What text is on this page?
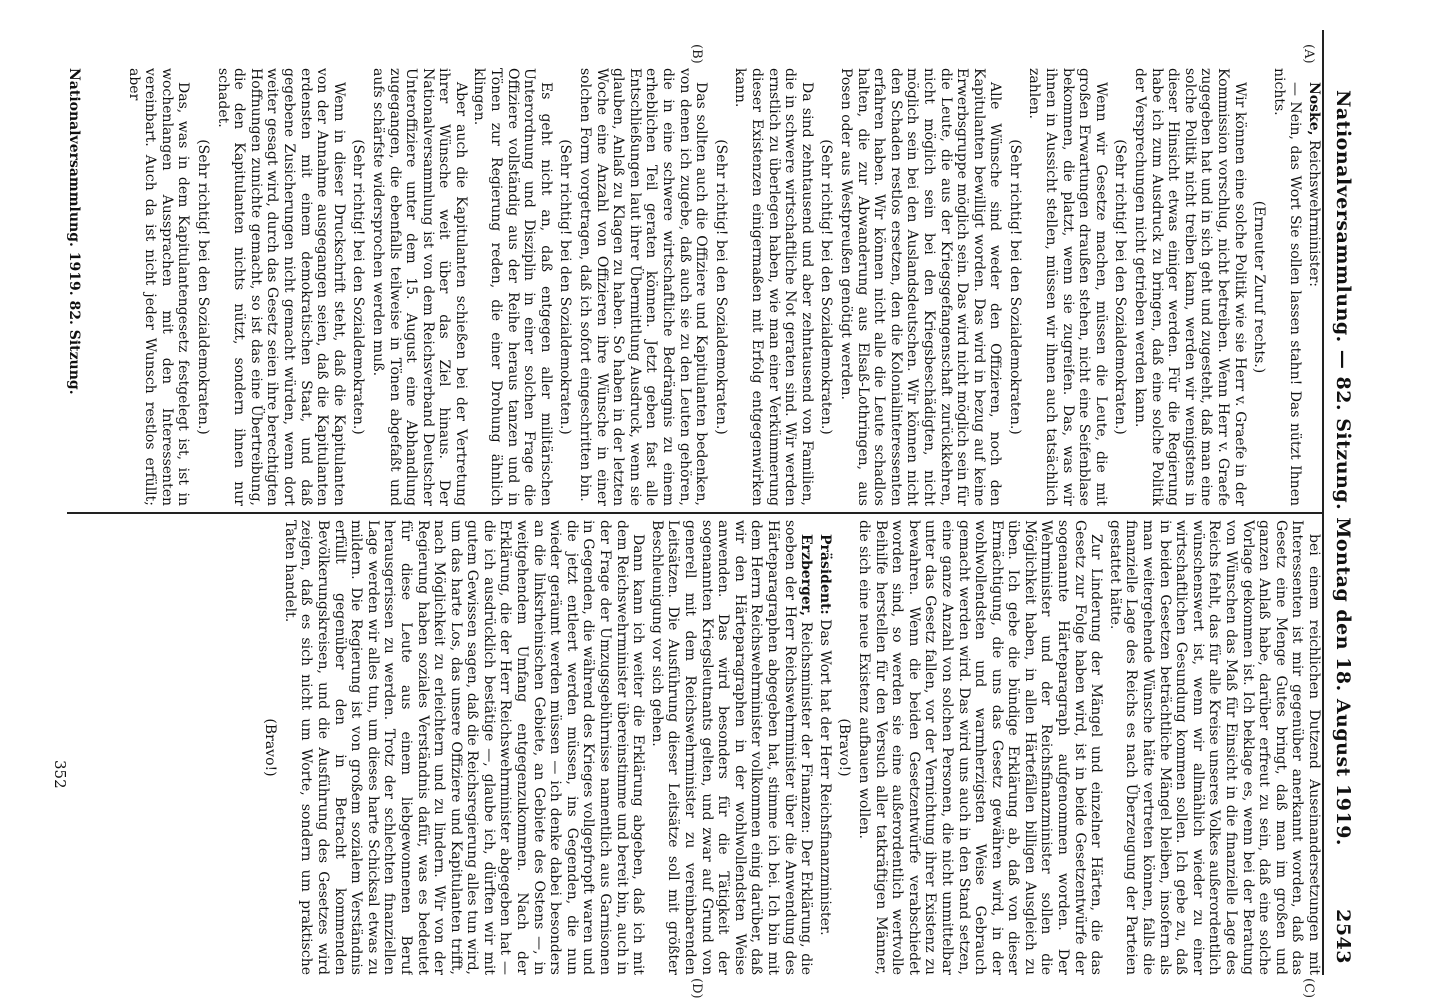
Nationalversammlung. — 82. Sitzung. Montag den 18. August 1919.
2543
(A)
(B)
(C)
(D)

Noske, Reichswehrminister:

— Nein, das Wort Sie sollen lassen stahn! Das nützt Ihnen nichts.

(Erneuter Zuruf rechts.)

Wir können eine solche Politik wie sie Herr v. Graefe in der Kommission vorschlug, nicht betreiben. Wenn Herr v. Graefe zugegeben hat und in sich geht und zugesteht, daß man eine solche Politik nicht treiben kann, werden wir wenigstens in dieser Hinsicht etwas einiger werden. Für die Regierung habe ich zum Ausdruck zu bringen, daß eine solche Politik der Versprechungen nicht getrieben werden kann.

(Sehr richtig! bei den Sozialdemokraten.)

Wenn wir Gesetze machen, müssen die Leute, die mit großen Erwartungen draußen stehen, nicht eine Seifenblase bekommen, die platzt, wenn sie zugreifen. Das, was wir ihnen in Aussicht stellen, müssen wir ihnen auch tatsächlich zahlen.

(Sehr richtig! bei den Sozialdemokraten.)

Alle Wünsche sind weder den Offizieren, noch den Kapitulanten bewilligt worden. Das wird in bezug auf keine Erwerbsgruppe möglich sein. Das wird nicht möglich sein für die Leute, die aus der Kriegsgefangenschaft zurückkehren, nicht möglich sein bei den Kriegsbeschädigten, nicht möglich sein bei den Auslandsdeutschen. Wir können nicht den Schaden restlos ersetzen, den die Kolonialinteressenten erfahren haben. Wir können nicht alle die Leute schadlos halten, die zur Abwanderung aus Elsaß-Lothringen, aus Posen oder aus Westpreußen genötigt werden.

(Sehr richtig! bei den Sozialdemokraten.)

Da sind zehntausend und aber zehntausend von Familien, die in schwere wirtschaftliche Not geraten sind. Wir werden ernstlich zu überlegen haben, wie man einer Verkümmerung dieser Existenzen einigermaßen mit Erfolg entgegenwirken kann.

(Sehr richtig! bei den Sozialdemokraten.)

Das sollten auch die Offiziere und Kapitulanten bedenken, von denen ich zugebe, daß auch sie zu den Leuten gehören, die in eine schwere wirtschaftliche Bedrängnis zu einem erheblichen Teil geraten können. Jetzt geben fast alle Entschließungen laut ihrer Übermittlung Ausdruck, wenn sie glauben, Anlaß zu Klagen zu haben. So haben in der letzten Woche eine Anzahl von Offizieren ihre Wünsche in einer solchen Form vorgetragen, daß ich sofort eingeschritten bin.

(Sehr richtig! bei den Sozialdemokraten.)

Es geht nicht an, daß entgegen aller militärischen Unterordnung und Disziplin in einer solchen Frage die Offiziere vollständig aus der Reihe heraus tanzen und in Tönen zur Regierung reden, die einer Drohung ähnlich klingen.

Aber auch die Kapitulanten schießen bei der Vertretung ihrer Wünsche weit über das Ziel hinaus. Der Nationalversammlung ist von dem Reichsverband Deutscher Unteroffiziere unter dem 15. August eine Abhandlung zugegangen, die ebenfalls teilweise in Tönen abgefaßt und aufs schärfste widersprochen werden muß.

(Sehr richtig! bei den Sozialdemokraten.)

Wenn in dieser Druckschrift steht, daß die Kapitulanten von der Annahme ausgegangen seien, daß die Kapitulanten erdensten mit einem demokratischen Staat, und daß gegebene Zusicherungen nicht gemacht würden, wenn dort weiter gesagt wird, durch das Gesetz seien ihre berechtigten Hoffnungen zunichte gemacht, so ist das eine Übertreibung, die den Kapitulanten nichts nützt, sondern ihnen nur schadet.

(Sehr richtig! bei den Sozialdemokraten.)

Das, was in dem Kapitulantengesetz festgelegt ist, ist in wochenlangen Aussprachen mit den Interessenten vereinbart. Auch da ist nicht jeder Wunsch restlos erfüllt; aber

bei einem reichlichen Dutzend Auseinandersetzungen mit Interessenten ist mir gegenüber anerkannt worden, daß das Gesetz eine Menge Gutes bringt, daß man im großen und ganzen Anlaß habe, darüber erfreut zu sein, daß eine solche Vorlage gekommen ist. Ich beklage es, wenn bei der Beratung von Wünschen das Maß für Einsicht in die finanzielle Lage des Reichs fehlt, das für alle Kreise unseres Volkes außerordentlich wünschenswert ist, wenn wir allmählich wieder zu einer wirtschaftlichen Gesundung kommen sollen. Ich gebe zu, daß in beiden Gesetzen beträchtliche Mängel bleiben, insofern als man weitergehende Wünsche hätte vertreten können, falls die finanzielle Lage des Reichs es nach Überzeugung der Parteien gestattet hätte.

Zur Linderung der Mängel und einzelner Härten, die das Gesetz zur Folge haben wird, ist in beide Gesetzentwürfe der sogenannte Härteparagraph aufgenommen worden. Der Wehrminister und der Reichsfinanzminister sollen die Möglichkeit haben, in allen Härtefällen billigen Ausgleich zu üben. Ich gebe die bündige Erklärung ab, daß von dieser Ermächtigung, die uns das Gesetz gewähren wird, in der wohlwollendsten und warmherzigsten Weise Gebrauch gemacht werden wird. Das wird uns auch in den Stand setzen, eine ganze Anzahl von solchen Personen, die nicht unmittelbar unter das Gesetz fallen, vor der Vernichtung ihrer Existenz zu bewahren. Wenn die beiden Gesetzentwürfe verabschiedet worden sind, so werden sie eine außerordentlich wertvolle Beihilfe herstellen für den Versuch aller tatkräftigen Männer, die sich eine neue Existenz aufbauen wollen.

(Bravo!)

Präsident: Das Wort hat der Herr Reichsfinanzminister.

Erzberger, Reichsminister der Finanzen: Der Erklärung, die soeben der Herr Reichswehrminister über die Anwendung des Härteparagraphen abgegeben hat, stimme ich bei. Ich bin mit dem Herrn Reichswehrminister vollkommen einig darüber, daß wir den Härteparagraphen in der wohlwollendsten Weise anwenden. Das wird besonders für die Tätigkeit der sogenannten Kriegsleutnants gelten, und zwar auf Grund von generell mit dem Reichswehrminister zu vereinbarenden Leitsätzen. Die Ausführung dieser Leitsätze soll mit größter Beschleunigung vor sich gehen.

Dann kann ich weiter die Erklärung abgeben, daß ich mit dem Reichswehrminister übereinstimme und bereit bin, auch in der Frage der Umzugsgebührnisse namentlich aus Garnisonen in Gegenden, die während des Krieges vollgepfropft waren und die jetzt entleert werden müssen, ins Gegenden, die nun wieder geräumt werden müssen — ich denke dabei besonders an die linksrheinischen Gebiete, an Gebiete des Ostens —, in weitgehendem Umfang entgegenzukommen. Nach der Erklärung, die der Herr Reichswehrminister abgegeben hat — die ich ausdrücklich bestätige —, glaube ich, dürften wir mit gutem Gewissen sagen, daß die Reichsregierung alles tun wird, um das harte Los, das unsere Offiziere und Kapitulanten trifft, nach Möglichkeit zu erleichtern und zu lindern. Wir von der Regierung haben soziales Verständnis dafür, was es bedeutet für diese Leute aus einem liebgewonnenen Beruf herausgerissen zu werden. Trotz der schlechten finanziellen Lage werden wir alles tun, um dieses harte Schicksal etwas zu mildern. Die Regierung ist von großem sozialem Verständnis erfüllt gegenüber den in Betracht kommenden Bevölkerungskreisen, und die Ausführung des Gesetzes wird zeigen, daß es sich nicht um Worte, sondern um praktische Taten handelt.

(Bravo!)

Nationalversammlung. 1919. 82. Sitzung.
352
